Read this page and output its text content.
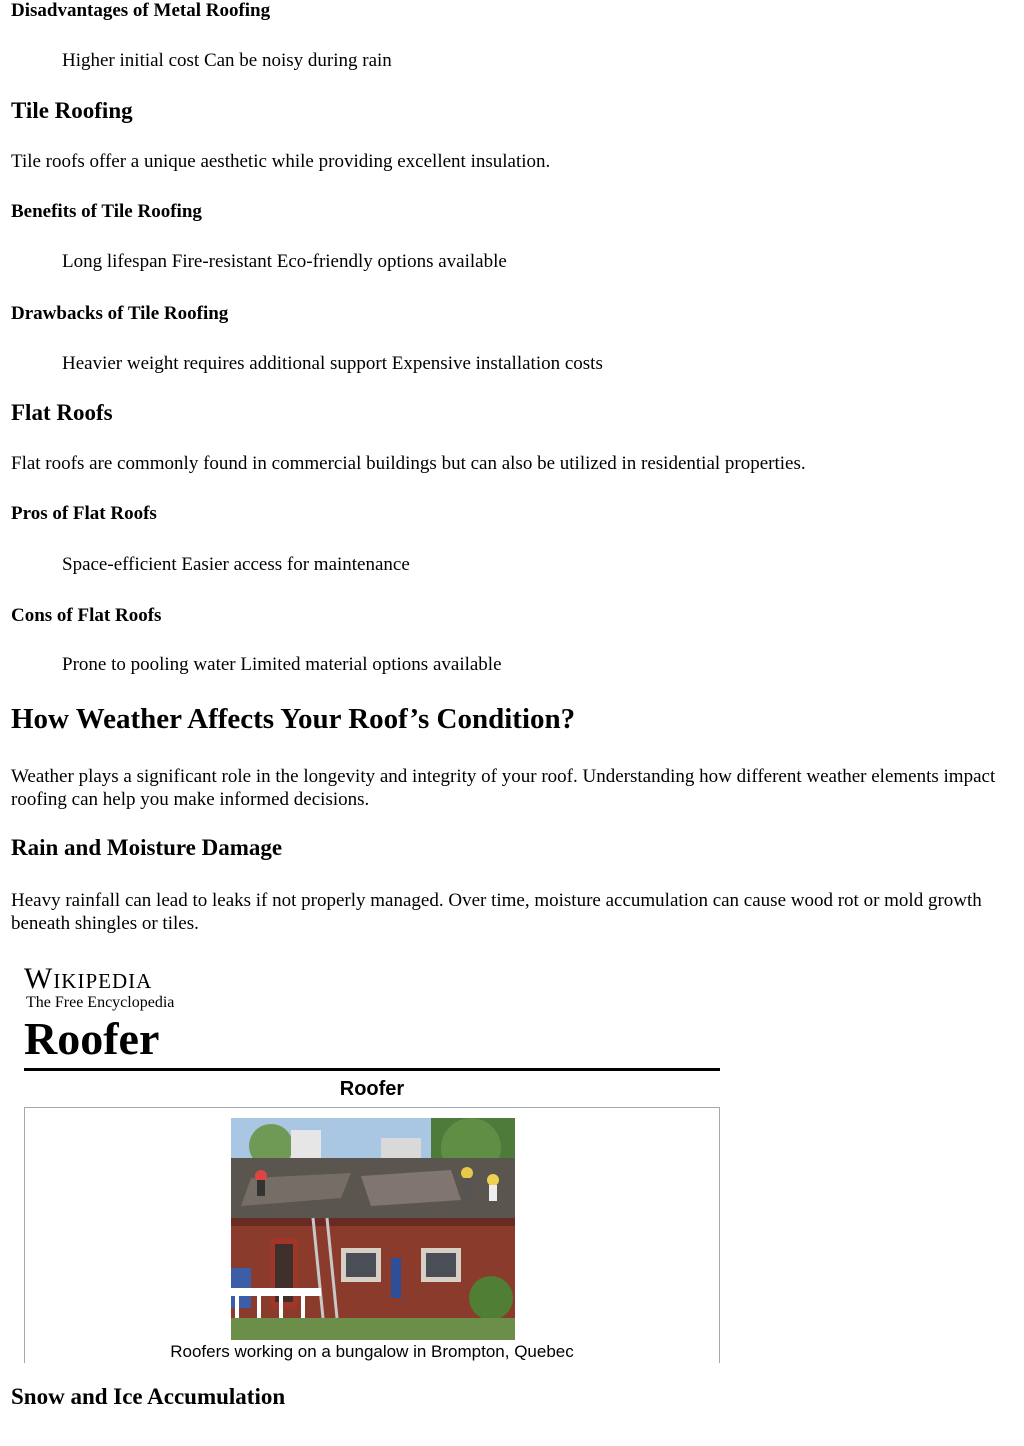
Disadvantages of Metal Roofing

Higher initial cost Can be noisy during rain

Tile Roofing

Tile roofs offer a unique aesthetic while providing excellent insulation.

Benefits of Tile Roofing

Long lifespan Fire-resistant Eco-friendly options available

Drawbacks of Tile Roofing

Heavier weight requires additional support Expensive installation costs

Flat Roofs

Flat roofs are commonly found in commercial buildings but can also be utilized in residential properties.

Pros of Flat Roofs

Space-efficient Easier access for maintenance

Cons of Flat Roofs

Prone to pooling water Limited material options available

How Weather Affects Your Roof’s Condition?

Weather plays a significant role in the longevity and integrity of your roof. Understanding how different weather elements impact roofing can help you make informed decisions.

Rain and Moisture Damage

Heavy rainfall can lead to leaks if not properly managed. Over time, moisture accumulation can cause wood rot or mold growth beneath shingles or tiles.

Wikipedia
The Free Encyclopedia
Roofer
Roofer
Roofers working on a bungalow in Brompton, Quebec
Snow and Ice Accumulation
